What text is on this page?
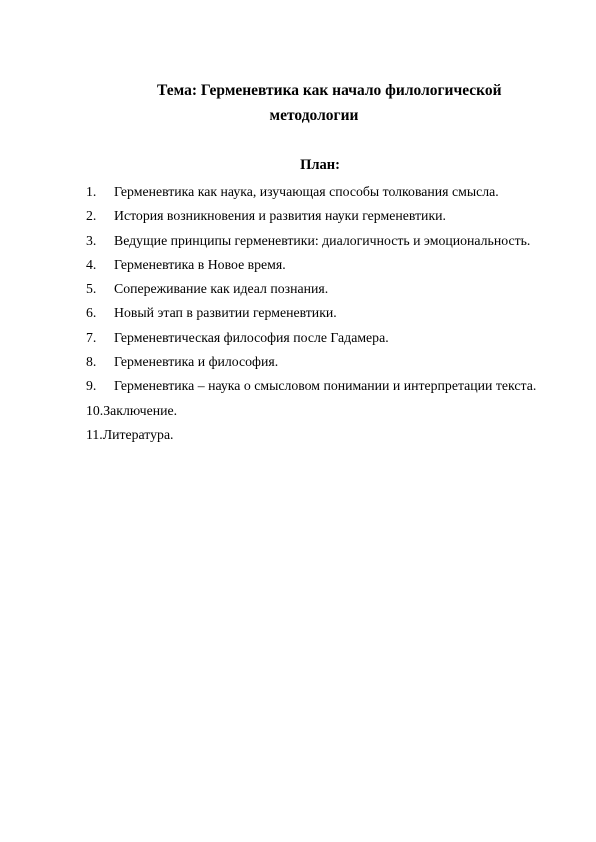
Тема: Герменевтика как начало филологической
методологии
План:
1.	Герменевтика как наука, изучающая способы толкования смысла.
2.	История возникновения и развития науки герменевтики.
3.	Ведущие принципы герменевтики: диалогичность и эмоциональность.
4.	Герменевтика в Новое время.
5.	Сопереживание как идеал познания.
6.	Новый этап в развитии герменевтики.
7.	Герменевтическая философия после Гадамера.
8.	Герменевтика и философия.
9.	Герменевтика – наука о смысловом понимании и интерпретации текста.
10. Заключение.
11. Литература.
